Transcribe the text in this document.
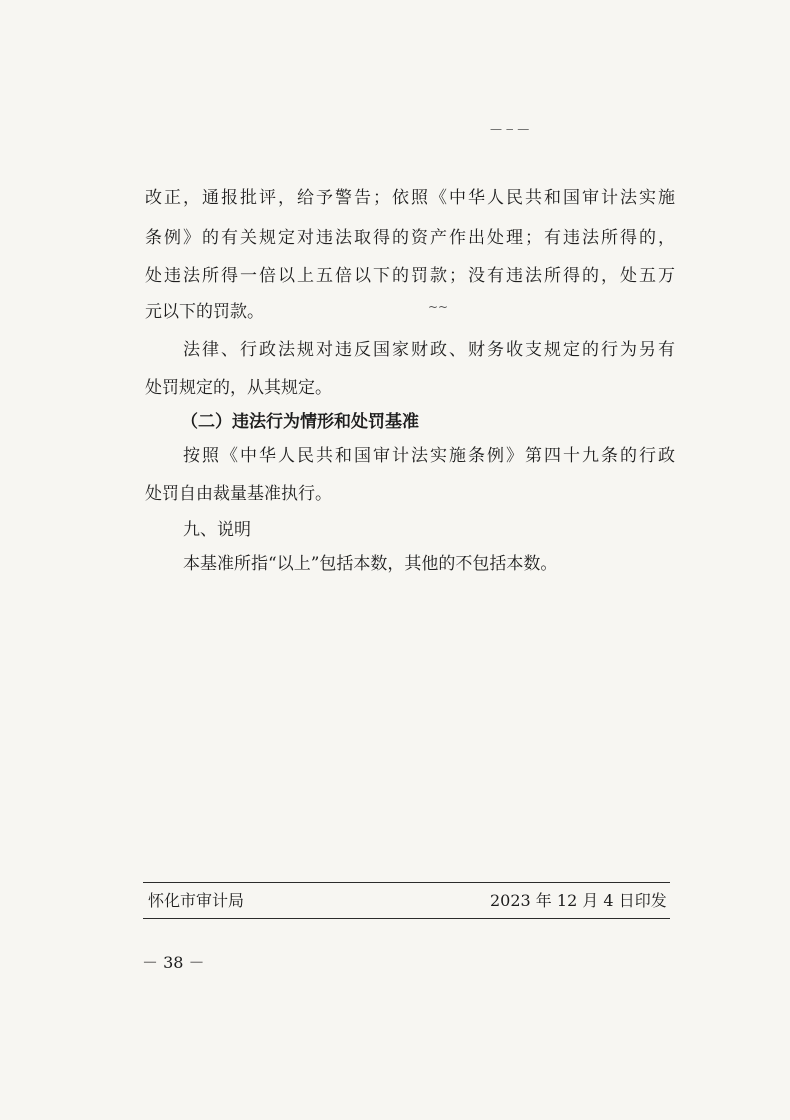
— ‒ —
改正，通报批评，给予警告；依照《中华人民共和国审计法实施
条例》的有关规定对违法取得的资产作出处理；有违法所得的，
处违法所得一倍以上五倍以下的罚款；没有违法所得的，处五万
元以下的罚款。	~~
法律、行政法规对违反国家财政、财务收支规定的行为另有
处罚规定的，从其规定。
（二）违法行为情形和处罚基准
按照《中华人民共和国审计法实施条例》第四十九条的行政
处罚自由裁量基准执行。
九、说明
本基准所指“以上”包括本数，其他的不包括本数。
怀化市审计局	2023 年 12 月 4 日印发
－ 38 －
